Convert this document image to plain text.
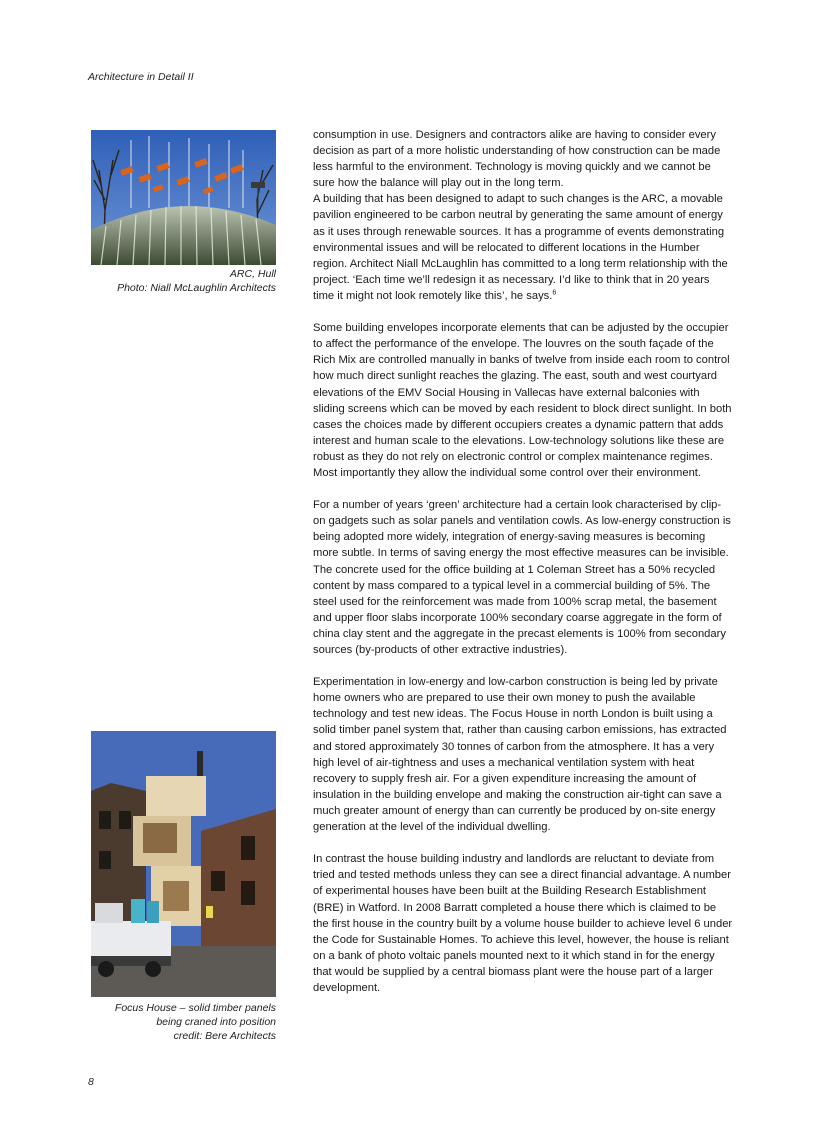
Architecture in Detail II
ARC, Hull
Photo: Niall McLaughlin Architects
Focus House – solid timber panels
being craned into position
credit: Bere Architects

consumption in use. Designers and contractors alike are having to consider every decision as part of a more holistic understanding of how construction can be made less harmful to the environment. Technology is moving quickly and we cannot be sure how the balance will play out in the long term.
A building that has been designed to adapt to such changes is the ARC, a movable pavilion engineered to be carbon neutral by generating the same amount of energy as it uses through renewable sources. It has a programme of events demonstrating environmental issues and will be relocated to different locations in the Humber region. Architect Niall McLaughlin has committed to a long term relationship with the project. ‘Each time we’ll redesign it as necessary. I’d like to think that in 20 years time it might not look remotely like this’, he says.$^6$

Some building envelopes incorporate elements that can be adjusted by the occupier to affect the performance of the envelope. The louvres on the south façade of the Rich Mix are controlled manually in banks of twelve from inside each room to control how much direct sunlight reaches the glazing. The east, south and west courtyard elevations of the EMV Social Housing in Vallecas have external balconies with sliding screens which can be moved by each resident to block direct sunlight. In both cases the choices made by different occupiers creates a dynamic pattern that adds interest and human scale to the elevations. Low-technology solutions like these are robust as they do not rely on electronic control or complex maintenance regimes. Most importantly they allow the individual some control over their environment.

For a number of years ‘green’ architecture had a certain look characterised by clip-on gadgets such as solar panels and ventilation cowls. As low-energy construction is being adopted more widely, integration of energy-saving measures is becoming more subtle. In terms of saving energy the most effective measures can be invisible. The concrete used for the office building at 1 Coleman Street has a 50% recycled content by mass compared to a typical level in a commercial building of 5%. The steel used for the reinforcement was made from 100% scrap metal, the basement and upper floor slabs incorporate 100% secondary coarse aggregate in the form of china clay stent and the aggregate in the precast elements is 100% from secondary sources (by-products of other extractive industries).

Experimentation in low-energy and low-carbon construction is being led by private home owners who are prepared to use their own money to push the available technology and test new ideas. The Focus House in north London is built using a solid timber panel system that, rather than causing carbon emissions, has extracted and stored approximately 30 tonnes of carbon from the atmosphere. It has a very high level of air-tightness and uses a mechanical ventilation system with heat recovery to supply fresh air. For a given expenditure increasing the amount of insulation in the building envelope and making the construction air-tight can save a much greater amount of energy than can currently be produced by on-site energy generation at the level of the individual dwelling.

In contrast the house building industry and landlords are reluctant to deviate from tried and tested methods unless they can see a direct financial advantage. A number of experimental houses have been built at the Building Research Establishment (BRE) in Watford. In 2008 Barratt completed a house there which is claimed to be the first house in the country built by a volume house builder to achieve level 6 under the Code for Sustainable Homes. To achieve this level, however, the house is reliant on a bank of photo voltaic panels mounted next to it which stand in for the energy that would be supplied by a central biomass plant were the house part of a larger development.

8
